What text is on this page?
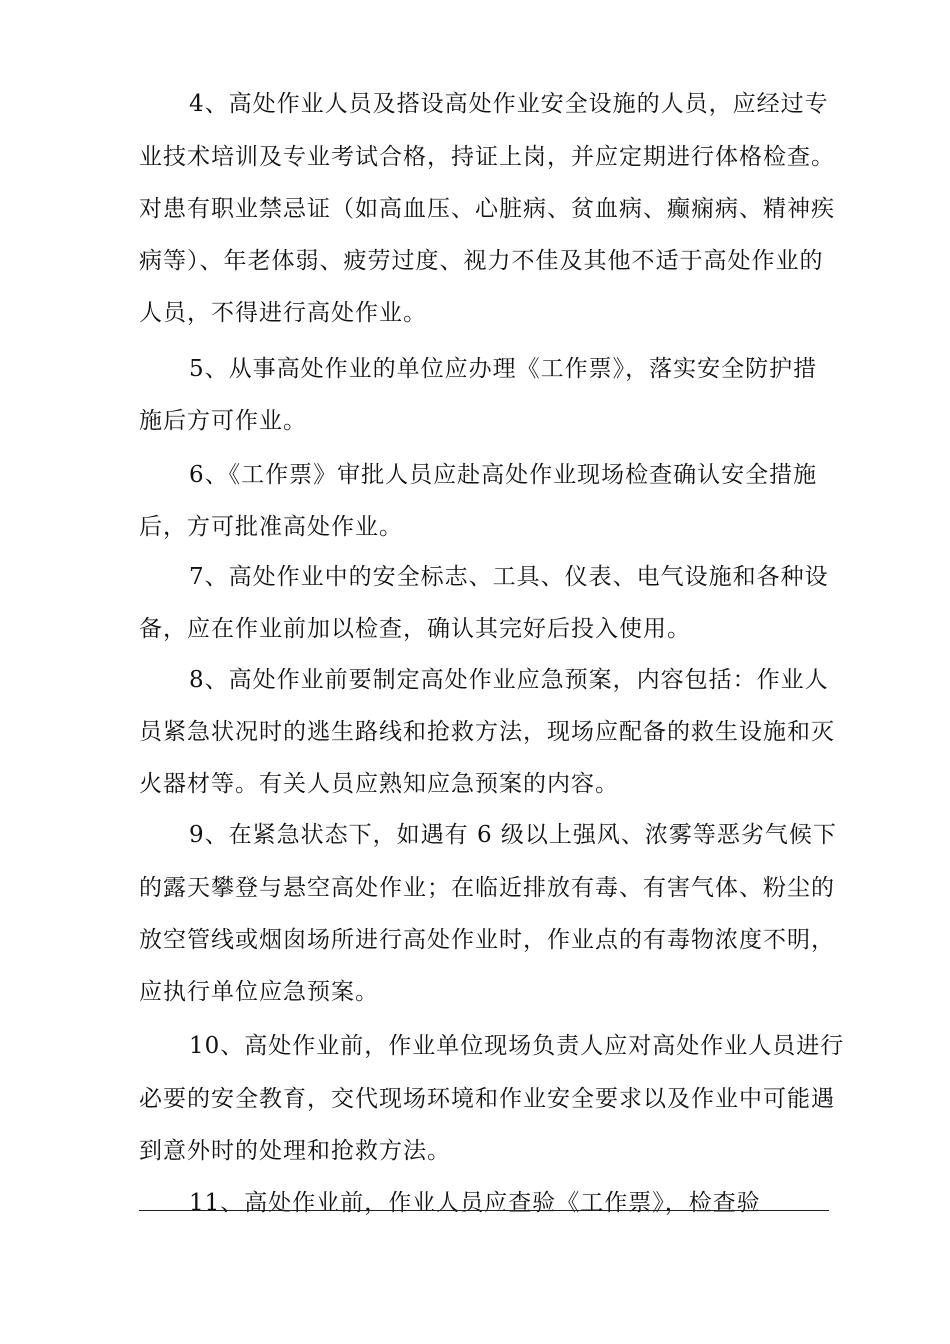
4、高处作业人员及搭设高处作业安全设施的人员，应经过专
业技术培训及专业考试合格，持证上岗，并应定期进行体格检查。
对患有职业禁忌证（如高血压、心脏病、贫血病、癫痫病、精神疾
病等）、年老体弱、疲劳过度、视力不佳及其他不适于高处作业的
人员，不得进行高处作业。
5、从事高处作业的单位应办理《工作票》，落实安全防护措
施后方可作业。
6、《工作票》审批人员应赴高处作业现场检查确认安全措施
后，方可批准高处作业。
7、高处作业中的安全标志、工具、仪表、电气设施和各种设
备，应在作业前加以检查，确认其完好后投入使用。
8、高处作业前要制定高处作业应急预案，内容包括：作业人
员紧急状况时的逃生路线和抢救方法，现场应配备的救生设施和灭
火器材等。有关人员应熟知应急预案的内容。
9、在紧急状态下，如遇有 6 级以上强风、浓雾等恶劣气候下
的露天攀登与悬空高处作业；在临近排放有毒、有害气体、粉尘的
放空管线或烟囱场所进行高处作业时，作业点的有毒物浓度不明，
应执行单位应急预案。
10、高处作业前，作业单位现场负责人应对高处作业人员进行
必要的安全教育，交代现场环境和作业安全要求以及作业中可能遇
到意外时的处理和抢救方法。
11、高处作业前，作业人员应查验《工作票》，检查验
